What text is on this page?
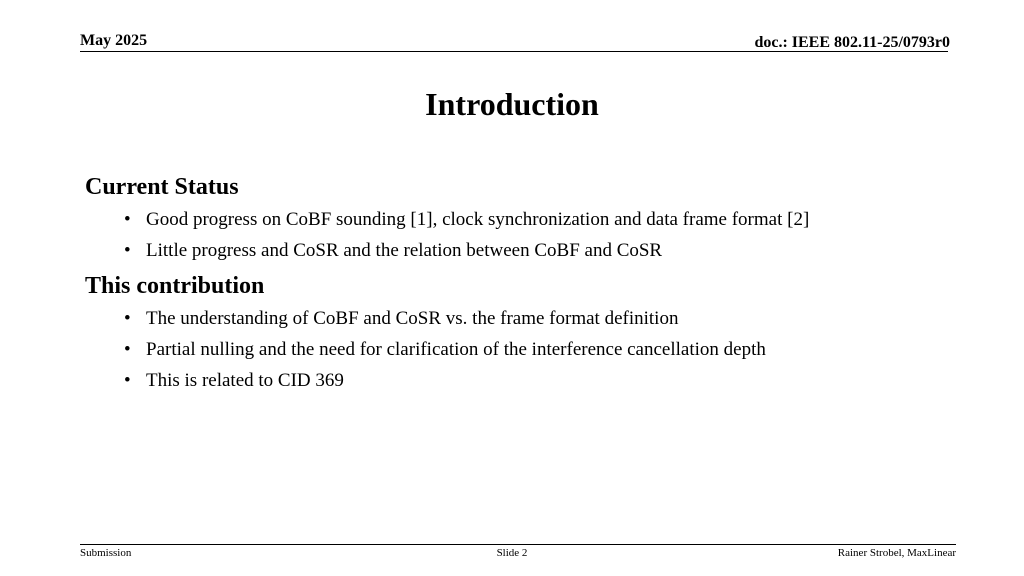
May 2025	doc.: IEEE 802.11-25/0793r0
Introduction
Current Status
• Good progress on CoBF sounding [1], clock synchronization and data frame format [2]
• Little progress and CoSR and the relation between CoBF and CoSR
This contribution
• The understanding of CoBF and CoSR vs. the frame format definition
• Partial nulling and the need for clarification of the interference cancellation depth
• This is related to CID 369
Submission	Slide 2	Rainer Strobel, MaxLinear
